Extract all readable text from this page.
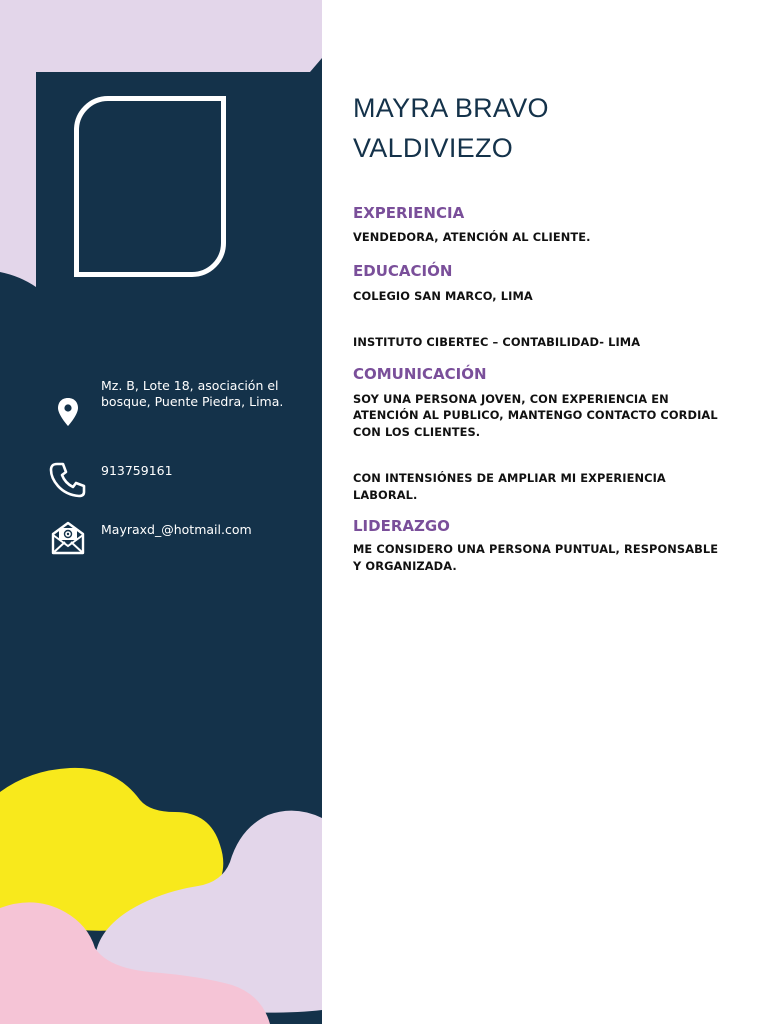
Mz. B, Lote 18, asociación el
bosque, Puente Piedra, Lima.
913759161
Mayraxd_@hotmail.com
MAYRA BRAVO
VALDIVIEZO
EXPERIENCIA

VENDEDORA, ATENCIÓN AL CLIENTE.

EDUCACIÓN

COLEGIO SAN MARCO, LIMA

INSTITUTO CIBERTEC – CONTABILIDAD- LIMA

COMUNICACIÓN

SOY UNA PERSONA JOVEN, CON EXPERIENCIA EN ATENCIÓN AL PUBLICO, MANTENGO CONTACTO CORDIAL CON LOS CLIENTES.

CON INTENSIÓNES DE AMPLIAR MI EXPERIENCIA LABORAL.

LIDERAZGO

ME CONSIDERO UNA PERSONA PUNTUAL, RESPONSABLE Y ORGANIZADA.
